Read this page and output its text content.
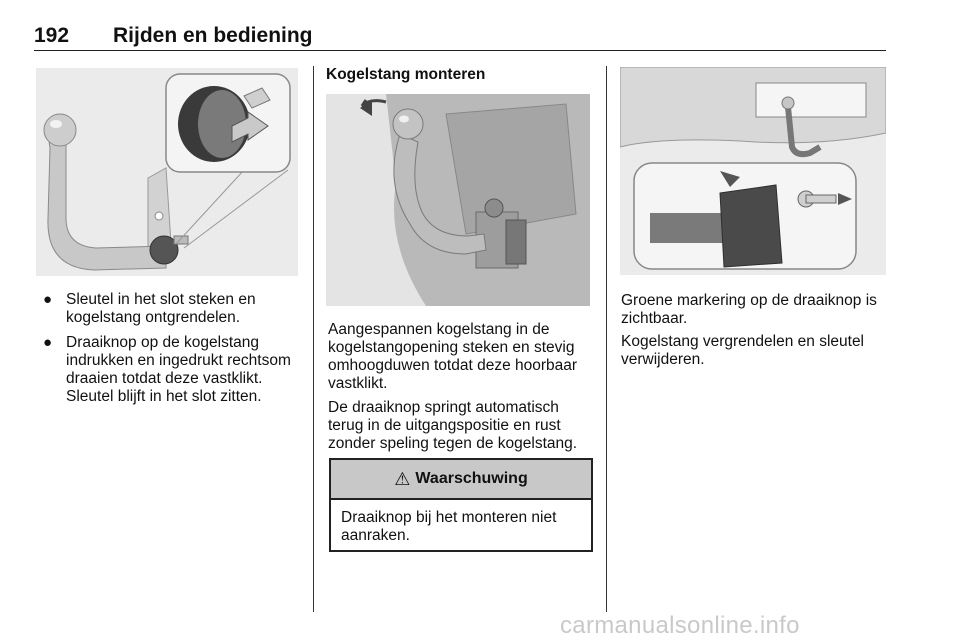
192 Rijden en bediening
● Sleutel in het slot steken en kogelstang ontgrendelen.
● Draaiknop op de kogelstang indrukken en ingedrukt rechtsom draaien totdat deze vastklikt. Sleutel blijft in het slot zitten.
Kogelstang monteren

Aangespannen kogelstang in de kogelstangopening steken en stevig omhoogduwen totdat deze hoorbaar vastklikt.

De draaiknop springt automatisch terug in de uitgangspositie en rust zonder speling tegen de kogelstang.

⚠ Waarschuwing
Draaiknop bij het monteren niet aanraken.

Groene markering op de draaiknop is zichtbaar.

Kogelstang vergrendelen en sleutel verwijderen.

carmanualsonline.info
